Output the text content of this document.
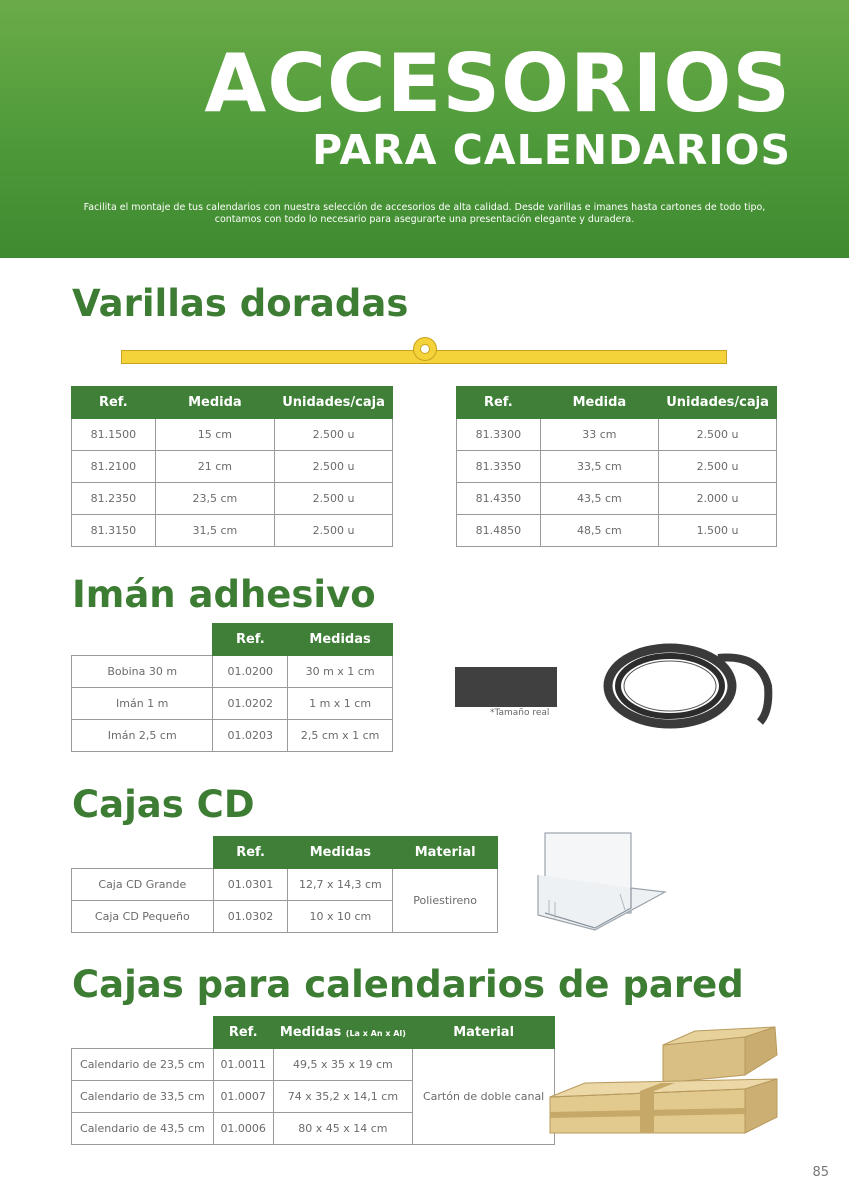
ACCESORIOS
PARA CALENDARIOS
Facilita el montaje de tus calendarios con nuestra selección de accesorios de alta calidad. Desde varillas e imanes hasta cartones de todo tipo,
contamos con todo lo necesario para asegurarte una presentación elegante y duradera.
Varillas doradas
Ref.	Medida	Unidades/caja
81.1500	15 cm	2.500 u
81.2100	21 cm	2.500 u
81.2350	23,5 cm	2.500 u
81.3150	31,5 cm	2.500 u
Ref.	Medida	Unidades/caja
81.3300	33 cm	2.500 u
81.3350	33,5 cm	2.500 u
81.4350	43,5 cm	2.000 u
81.4850	48,5 cm	1.500 u
Imán adhesivo
	Ref.	Medidas
Bobina 30 m	01.0200	30 m x 1 cm
Imán 1 m	01.0202	1 m x 1 cm
Imán 2,5 cm	01.0203	2,5 cm x 1 cm
*Tamaño real
Cajas CD
	Ref.	Medidas	Material
Caja CD Grande	01.0301	12,7 x 14,3 cm	Poliestireno
Caja CD Pequeño	01.0302	10 x 10 cm	
Cajas para calendarios de pared
	Ref.	Medidas (La x An x Al)	Material
Calendario de 23,5 cm	01.0011	49,5 x 35 x 19 cm	Cartón de doble canal
Calendario de 33,5 cm	01.0007	74 x 35,2 x 14,1 cm	
Calendario de 43,5 cm	01.0006	80 x 45 x 14 cm	
85
